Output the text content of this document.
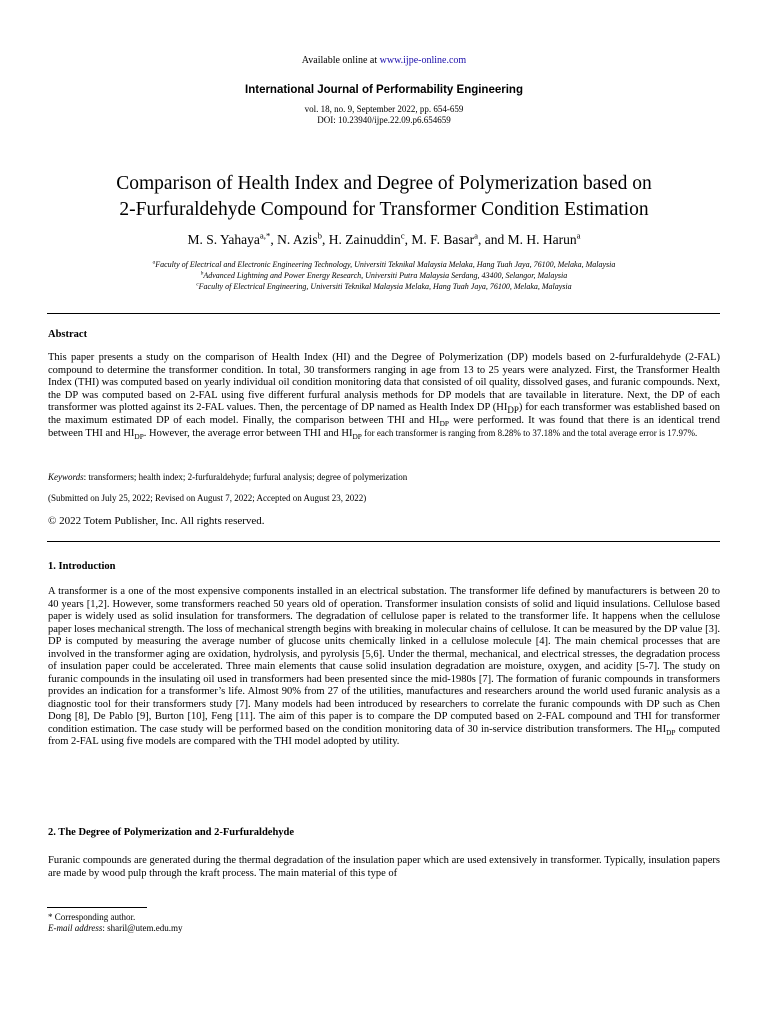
Available online at www.ijpe-online.com
International Journal of Performability Engineering
vol. 18, no. 9, September 2022, pp. 654-659
DOI: 10.23940/ijpe.22.09.p6.654659
Comparison of Health Index and Degree of Polymerization based on
2-Furfuraldehyde Compound for Transformer Condition Estimation
M. S. Yahaya$^{a,*}$, N. Azis$^b$, H. Zainuddin$^c$, M. F. Basar$^a$, and M. H. Harun$^a$
$^a$Faculty of Electrical and Electronic Engineering Technology, Universiti Teknikal Malaysia Melaka, Hang Tuah Jaya, 76100, Melaka, Malaysia
$^b$Advanced Lightning and Power Energy Research, Universiti Putra Malaysia Serdang, 43400, Selangor, Malaysia
$^c$Faculty of Electrical Engineering, Universiti Teknikal Malaysia Melaka, Hang Tuah Jaya, 76100, Melaka, Malaysia
Abstract
This paper presents a study on the comparison of Health Index (HI) and the Degree of Polymerization (DP) models based on 2-furfuraldehyde (2-FAL) compound to determine the transformer condition. In total, 30 transformers ranging in age from 13 to 25 years were analyzed. First, the Transformer Health Index (THI) was computed based on yearly individual oil condition monitoring data that consisted of oil quality, dissolved gases, and furanic compounds. Next, the DP was computed based on 2-FAL using five different furfural analysis methods for DP models that are tavailable in literature. Next, the DP of each transformer was plotted against its 2-FAL values. Then, the percentage of DP named as Health Index DP $(HI_{DP})$ for each transformer was established based on the maximum estimated DP of each model. Finally, the comparison between THI and $HI_{DP}$ were performed. It was found that there is an identical trend between THI and $HI_{DP}$. However, the average error between THI and $HI_{DP}$ for each transformer is ranging from 8.28% to 37.18% and the total average error is 17.97%.
Keywords: transformers; health index; 2-furfuraldehyde; furfural analysis; degree of polymerization
(Submitted on July 25, 2022; Revised on August 7, 2022; Accepted on August 23, 2022)
© 2022 Totem Publisher, Inc. All rights reserved.
1. Introduction
A transformer is a one of the most expensive components installed in an electrical substation. The transformer life defined by manufacturers is between 20 to 40 years [1,2]. However, some transformers reached 50 years old of operation. Transformer insulation consists of solid and liquid insulations. Cellulose based paper is widely used as solid insulation for transformers. The degradation of cellulose paper is related to the transformer life. It happens when the cellulose paper loses mechanical strength. The loss of mechanical strength begins with breaking in molecular chains of cellulose. It can be measured by the DP value [3]. DP is computed by measuring the average number of glucose units chemically linked in a cellulose molecule [4]. The main chemical processes that are involved in the transformer aging are oxidation, hydrolysis, and pyrolysis [5,6]. Under the thermal, mechanical, and electrical stresses, the degradation process of insulation paper could be accelerated. Three main elements that cause solid insulation degradation are moisture, oxygen, and acidity [5-7]. The study on furanic compounds in the insulating oil used in transformers had been presented since the mid-1980s [7]. The formation of furanic compounds in transformers provides an indication for a transformer’s life. Almost 90% from 27 of the utilities, manufactures and researchers around the world used furanic analysis as a diagnostic tool for their transformers study [7]. Many models had been introduced by researchers to correlate the furanic compounds with DP such as Chen Dong [8], De Pablo [9], Burton [10], Feng [11]. The aim of this paper is to compare the DP computed based on 2-FAL compound and THI for transformer condition estimation. The case study will be performed based on the condition monitoring data of 30 in-service distribution transformers. The $HI_{DP}$ computed from 2-FAL using five models are compared with the THI model adopted by utility.
2. The Degree of Polymerization and 2-Furfuraldehyde
Furanic compounds are generated during the thermal degradation of the insulation paper which are used extensively in transformer. Typically, insulation papers are made by wood pulp through the kraft process. The main material of this type of
* Corresponding author.
E-mail address: sharil@utem.edu.my
